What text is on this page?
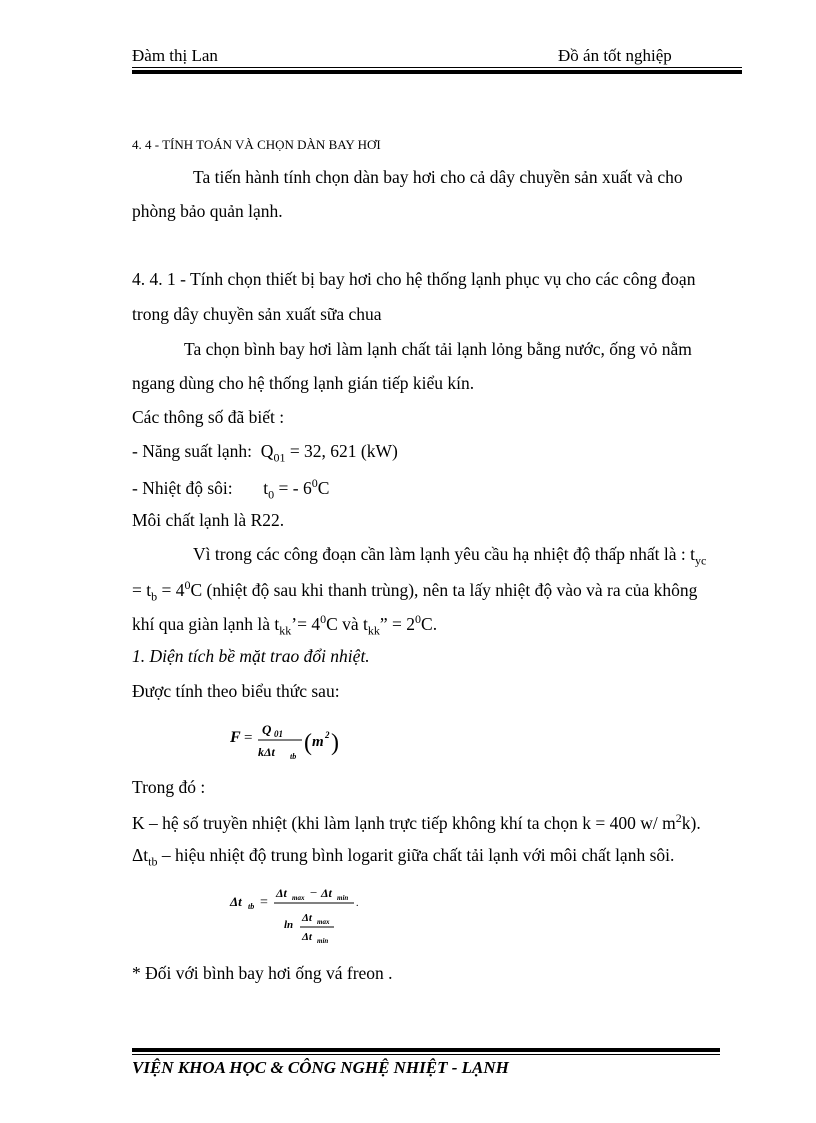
Đàm thị Lan	Đồ án tốt nghiệp
4. 4 - TÍNH TOÁN VÀ CHỌN DÀN BAY HƠI
Ta tiến hành tính chọn dàn bay hơi cho cả dây chuyền sản xuất và cho
phòng bảo quản lạnh.
4. 4. 1 - Tính chọn thiết bị bay hơi cho hệ thống lạnh phục vụ cho các công đoạn
trong dây chuyền sản xuất sữa chua
Ta chọn bình bay hơi làm lạnh chất tải lạnh lỏng bằng nước, ống vỏ nằm
ngang dùng cho hệ thống lạnh gián tiếp kiểu kín.
Các thông số đã biết :
- Năng suất lạnh: $Q_{01} = 32$, 621 (kW)
- Nhiệt độ sôi: $t_0$ = - $6^0C$
Môi chất lạnh là R22.
Vì trong các công đoạn cần làm lạnh yêu cầu hạ nhiệt độ thấp nhất là : $t_{yc}$
= $t_b = 4^0C$ (nhiệt độ sau khi thanh trùng), nên ta lấy nhiệt độ vào và ra của không
khí qua giàn lạnh là $t_{kk}’= 4^0C$ và $t_{kk}$” = $2^0C$.
1. Diện tích bề mặt trao đổi nhiệt.
Được tính theo biểu thức sau:
F =
Q 01
kΔt tb
( m 2 )
Trong đó :
K – hệ số truyền nhiệt (khi làm lạnh trực tiếp không khí ta chọn k = 400 w/ $m^2k$).
$\Delta t_{tb}$ – hiệu nhiệt độ trung bình logarit giữa chất tải lạnh với môi chất lạnh sôi.
Δt tb =
Δt max − Δt min .
ln
Δt max
Δt min
* Đối với bình bay hơi ống vá freon .
VIỆN KHOA HỌC & CÔNG NGHỆ NHIỆT - LẠNH
